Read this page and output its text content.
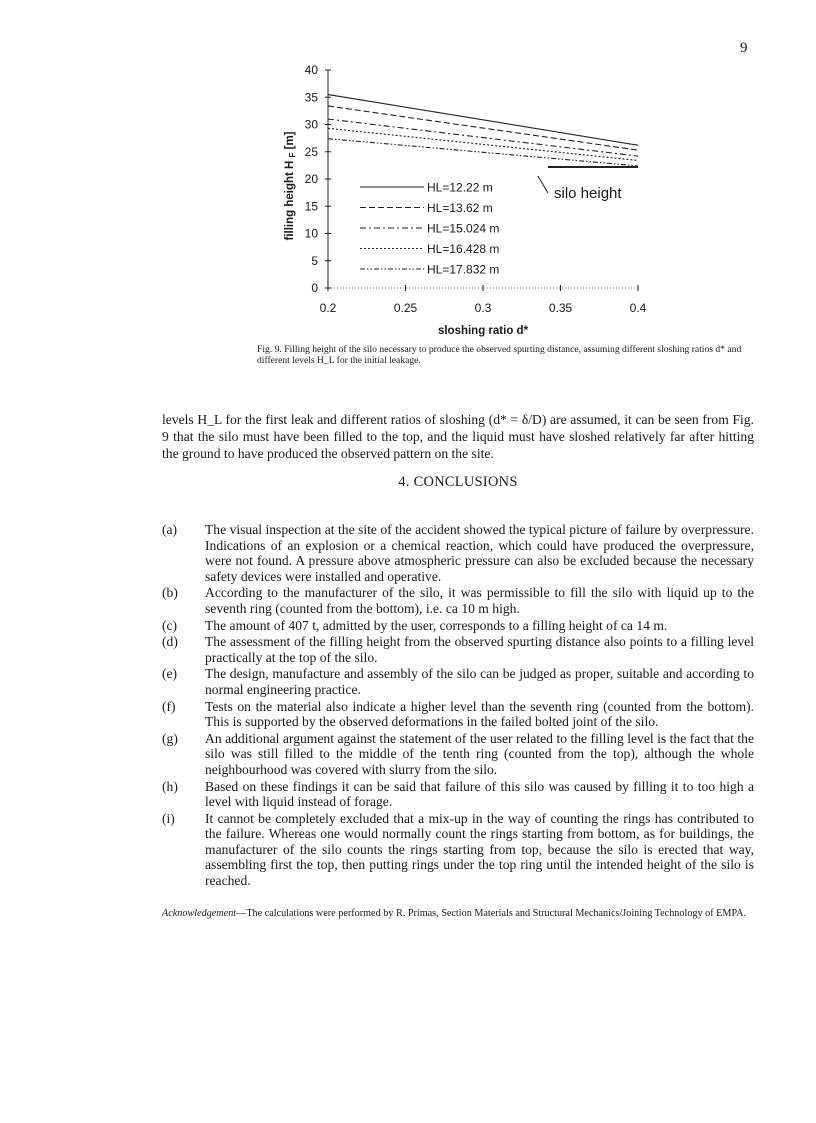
9
0
5
10
15
20
25
30
35
40
0.2	0.25	0.3	0.35	0.4
sloshing ratio d*
filling height H F [m]
silo height
HL=12.22 m
HL=13.62 m
HL=15.024 m
HL=16.428 m
HL=17.832 m
Fig. 9. Filling height of the silo necessary to produce the observed spurting distance, assuming different sloshing ratios d* and different levels H_L for the initial leakage.

levels H_L for the first leak and different ratios of sloshing (d* = δ/D) are assumed, it can be seen from Fig. 9 that the silo must have been filled to the top, and the liquid must have sloshed relatively far after hitting the ground to have produced the observed pattern on the site.

4. CONCLUSIONS
(a) The visual inspection at the site of the accident showed the typical picture of failure by overpressure. Indications of an explosion or a chemical reaction, which could have produced the overpressure, were not found. A pressure above atmospheric pressure can also be excluded because the necessary safety devices were installed and operative.
(b) According to the manufacturer of the silo, it was permissible to fill the silo with liquid up to the seventh ring (counted from the bottom), i.e. ca 10 m high.
(c) The amount of 407 t, admitted by the user, corresponds to a filling height of ca 14 m.
(d) The assessment of the filling height from the observed spurting distance also points to a filling level practically at the top of the silo.
(e) The design, manufacture and assembly of the silo can be judged as proper, suitable and according to normal engineering practice.
(f) Tests on the material also indicate a higher level than the seventh ring (counted from the bottom). This is supported by the observed deformations in the failed bolted joint of the silo.
(g) An additional argument against the statement of the user related to the filling level is the fact that the silo was still filled to the middle of the tenth ring (counted from the top), although the whole neighbourhood was covered with slurry from the silo.
(h) Based on these findings it can be said that failure of this silo was caused by filling it to too high a level with liquid instead of forage.
(i) It cannot be completely excluded that a mix-up in the way of counting the rings has contributed to the failure. Whereas one would normally count the rings starting from bottom, as for buildings, the manufacturer of the silo counts the rings starting from top, because the silo is erected that way, assembling first the top, then putting rings under the top ring until the intended height of the silo is reached.
Acknowledgement—The calculations were performed by R. Primas, Section Materials and Structural Mechanics/Joining Technology of EMPA.
